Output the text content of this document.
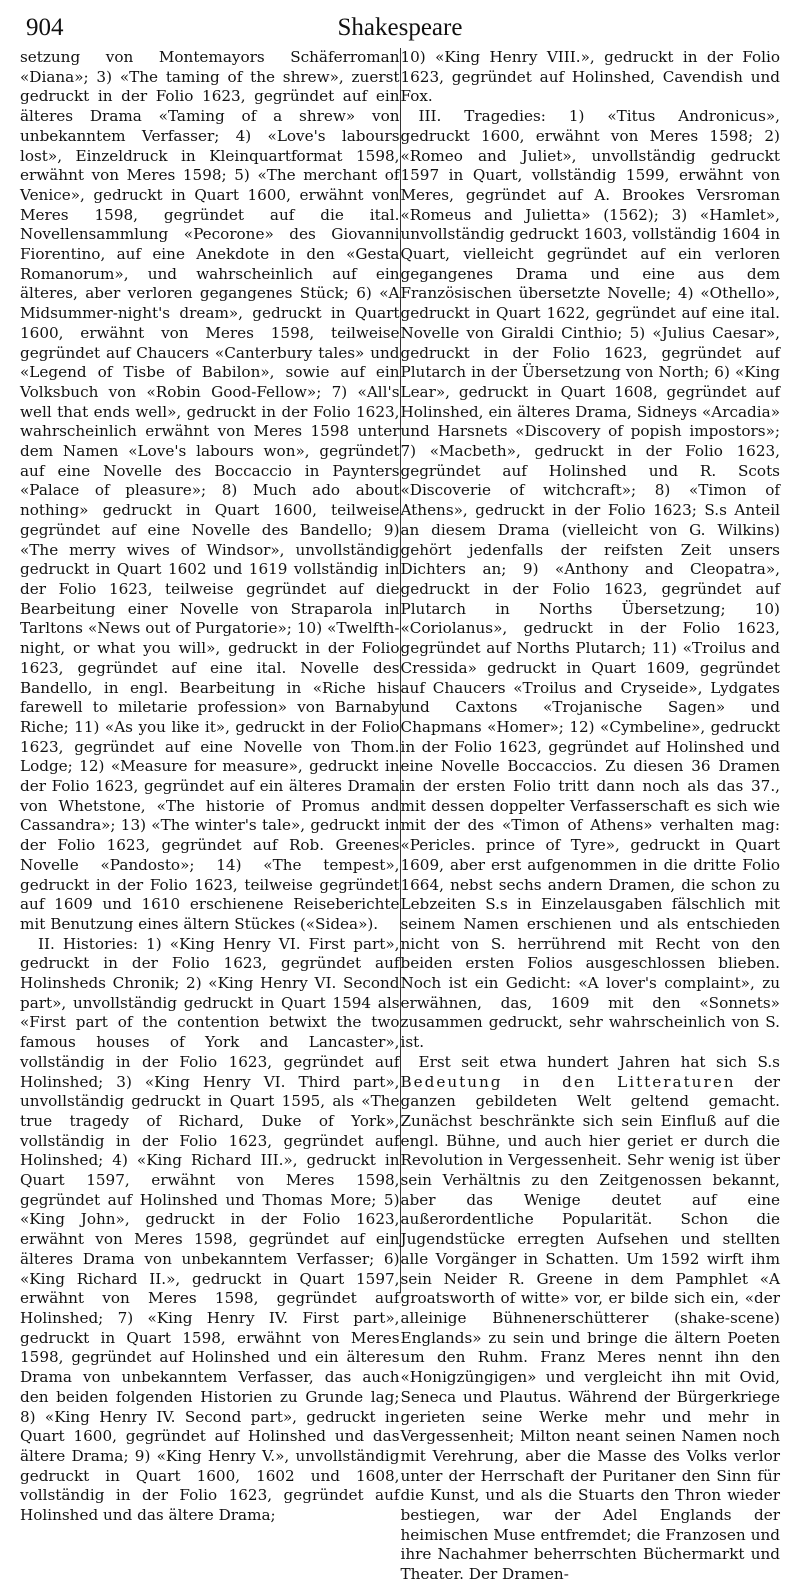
904	Shakespeare

setzung von Montemayors Schäferroman «Diana»; 3) «The taming of the shrew», zuerst gedruckt in der Folio 1623, gegründet auf ein älteres Drama «Taming of a shrew» von unbekanntem Verfasser; 4) «Love's labours lost», Einzeldruck in Kleinquartformat 1598, erwähnt von Meres 1598; 5) «The merchant of Venice», gedruckt in Quart 1600, erwähnt von Meres 1598, gegründet auf die ital. Novellensammlung «Pecorone» des Giovanni Fiorentino, auf eine Anekdote in den «Gesta Romanorum», und wahrscheinlich auf ein älteres, aber verloren gegangenes Stück; 6) «A Midsummer-night's dream», gedruckt in Quart 1600, erwähnt von Meres 1598, teilweise gegründet auf Chaucers «Canterbury tales» und «Legend of Tisbe of Babilon», sowie auf ein Volksbuch von «Robin Good-Fellow»; 7) «All's well that ends well», gedruckt in der Folio 1623, wahrscheinlich erwähnt von Meres 1598 unter dem Namen «Love's labours won», gegründet auf eine Novelle des Boccaccio in Paynters «Palace of pleasure»; 8) Much ado about nothing» gedruckt in Quart 1600, teilweise gegründet auf eine Novelle des Bandello; 9) «The merry wives of Windsor», unvollständig gedruckt in Quart 1602 und 1619 vollständig in der Folio 1623, teilweise gegründet auf die Bearbeitung einer Novelle von Straparola in Tarltons «News out of Purgatorie»; 10) «Twelfth-night, or what you will», gedruckt in der Folio 1623, gegründet auf eine ital. Novelle des Bandello, in engl. Bearbeitung in «Riche his farewell to miletarie profession» von Barnaby Riche; 11) «As you like it», gedruckt in der Folio 1623, gegründet auf eine Novelle von Thom. Lodge; 12) «Measure for measure», gedruckt in der Folio 1623, gegründet auf ein älteres Drama von Whetstone, «The historie of Promus and Cassandra»; 13) «The winter's tale», gedruckt in der Folio 1623, gegründet auf Rob. Greenes Novelle «Pandosto»; 14) «The tempest», gedruckt in der Folio 1623, teilweise gegründet auf 1609 und 1610 erschienene Reiseberichte mit Benutzung eines ältern Stückes («Sidea»).

II. Histories: 1) «King Henry VI. First part», gedruckt in der Folio 1623, gegründet auf Holinsheds Chronik; 2) «King Henry VI. Second part», unvollständig gedruckt in Quart 1594 als «First part of the contention betwixt the two famous houses of York and Lancaster», vollständig in der Folio 1623, gegründet auf Holinshed; 3) «King Henry VI. Third part», unvollständig gedruckt in Quart 1595, als «The true tragedy of Richard, Duke of York», vollständig in der Folio 1623, gegründet auf Holinshed; 4) «King Richard III.», gedruckt in Quart 1597, erwähnt von Meres 1598, gegründet auf Holinshed und Thomas More; 5) «King John», gedruckt in der Folio 1623, erwähnt von Meres 1598, gegründet auf ein älteres Drama von unbekanntem Verfasser; 6) «King Richard II.», gedruckt in Quart 1597, erwähnt von Meres 1598, gegründet auf Holinshed; 7) «King Henry IV. First part», gedruckt in Quart 1598, erwähnt von Meres 1598, gegründet auf Holinshed und ein älteres Drama von unbekanntem Verfasser, das auch den beiden folgenden Historien zu Grunde lag; 8) «King Henry IV. Second part», gedruckt in Quart 1600, gegründet auf Holinshed und das ältere Drama; 9) «King Henry V.», unvollständig gedruckt in Quart 1600, 1602 und 1608, vollständig in der Folio 1623, gegründet auf Holinshed und das ältere Drama;

10) «King Henry VIII.», gedruckt in der Folio 1623, gegründet auf Holinshed, Cavendish und Fox.

III. Tragedies: 1) «Titus Andronicus», gedruckt 1600, erwähnt von Meres 1598; 2) «Romeo and Juliet», unvollständig gedruckt 1597 in Quart, vollständig 1599, erwähnt von Meres, gegründet auf A. Brookes Versroman «Romeus and Julietta» (1562); 3) «Hamlet», unvollständig gedruckt 1603, vollständig 1604 in Quart, vielleicht gegründet auf ein verloren gegangenes Drama und eine aus dem Französischen übersetzte Novelle; 4) «Othello», gedruckt in Quart 1622, gegründet auf eine ital. Novelle von Giraldi Cinthio; 5) «Julius Caesar», gedruckt in der Folio 1623, gegründet auf Plutarch in der Übersetzung von North; 6) «King Lear», gedruckt in Quart 1608, gegründet auf Holinshed, ein älteres Drama, Sidneys «Arcadia» und Harsnets «Discovery of popish impostors»; 7) «Macbeth», gedruckt in der Folio 1623, gegründet auf Holinshed und R. Scots «Discoverie of witchcraft»; 8) «Timon of Athens», gedruckt in der Folio 1623; S.s Anteil an diesem Drama (vielleicht von G. Wilkins) gehört jedenfalls der reifsten Zeit unsers Dichters an; 9) «Anthony and Cleopatra», gedruckt in der Folio 1623, gegründet auf Plutarch in Norths Übersetzung; 10) «Coriolanus», gedruckt in der Folio 1623, gegründet auf Norths Plutarch; 11) «Troilus and Cressida» gedruckt in Quart 1609, gegründet auf Chaucers «Troilus and Cryseide», Lydgates und Caxtons «Trojanische Sagen» und Chapmans «Homer»; 12) «Cymbeline», gedruckt in der Folio 1623, gegründet auf Holinshed und eine Novelle Boccaccios. Zu diesen 36 Dramen in der ersten Folio tritt dann noch als das 37., mit dessen doppelter Verfasserschaft es sich wie mit der des «Timon of Athens» verhalten mag: «Pericles. prince of Tyre», gedruckt in Quart 1609, aber erst aufgenommen in die dritte Folio 1664, nebst sechs andern Dramen, die schon zu Lebzeiten S.s in Einzelausgaben fälschlich mit seinem Namen erschienen und als entschieden nicht von S. herrührend mit Recht von den beiden ersten Folios ausgeschlossen blieben. Noch ist ein Gedicht: «A lover's complaint», zu erwähnen, das, 1609 mit den «Sonnets» zusammen gedruckt, sehr wahrscheinlich von S. ist.

Erst seit etwa hundert Jahren hat sich S.s Bedeutung in den Litteraturen der ganzen gebildeten Welt geltend gemacht. Zunächst beschränkte sich sein Einfluß auf die engl. Bühne, und auch hier geriet er durch die Revolution in Vergessenheit. Sehr wenig ist über sein Verhältnis zu den Zeitgenossen bekannt, aber das Wenige deutet auf eine außerordentliche Popularität. Schon die Jugendstücke erregten Aufsehen und stellten alle Vorgänger in Schatten. Um 1592 wirft ihm sein Neider R. Greene in dem Pamphlet «A groatsworth of witte» vor, er bilde sich ein, «der alleinige Bühnenerschütterer (shake-scene) Englands» zu sein und bringe die ältern Poeten um den Ruhm. Franz Meres nennt ihn den «Honigzüngigen» und vergleicht ihn mit Ovid, Seneca und Plautus. Während der Bürgerkriege gerieten seine Werke mehr und mehr in Vergessenheit; Milton neant seinen Namen noch mit Verehrung, aber die Masse des Volks verlor unter der Herrschaft der Puritaner den Sinn für die Kunst, und als die Stuarts den Thron wieder bestiegen, war der Adel Englands der heimischen Muse entfremdet; die Franzosen und ihre Nachahmer beherrschten Büchermarkt und Theater. Der Dramen-
